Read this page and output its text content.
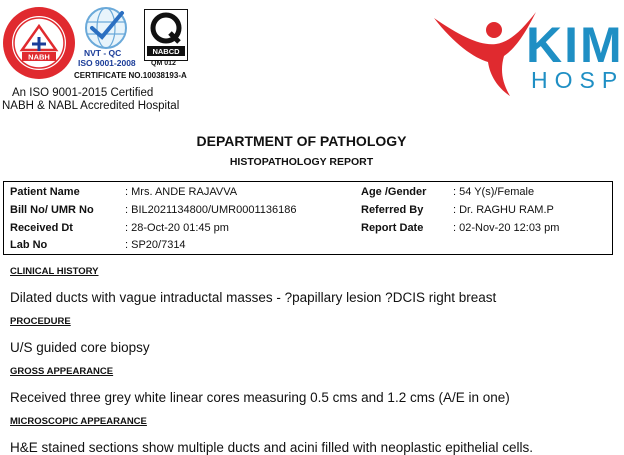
NABH	NVT - QC
ISO 9001-2008
NABCD
QM 012
CERTIFICATE NO.10038193-A
An ISO 9001-2015 Certified
NABH & NABL Accredited Hospital
KIM
HOSP
DEPARTMENT OF PATHOLOGY
HISTOPATHOLOGY REPORT
Patient Name	: Mrs. ANDE RAJAVVA	Age /Gender : 54 Y(s)/Female
Bill No/ UMR No	: BIL2021134800/UMR0001136186	Referred By	: Dr. RAGHU RAM.P
Received Dt	: 28-Oct-20 01:45 pm	Report Date	: 02-Nov-20 12:03 pm
Lab No	: SP20/7314
CLINICAL HISTORY
Dilated ducts with vague intraductal masses - ?papillary lesion ?DCIS right breast
PROCEDURE
U/S guided core biopsy
GROSS APPEARANCE
Received three grey white linear cores measuring 0.5 cms and 1.2 cms (A/E in one)
MICROSCOPIC APPEARANCE
H&E stained sections show multiple ducts and acini filled with neoplastic epithelial cells.
